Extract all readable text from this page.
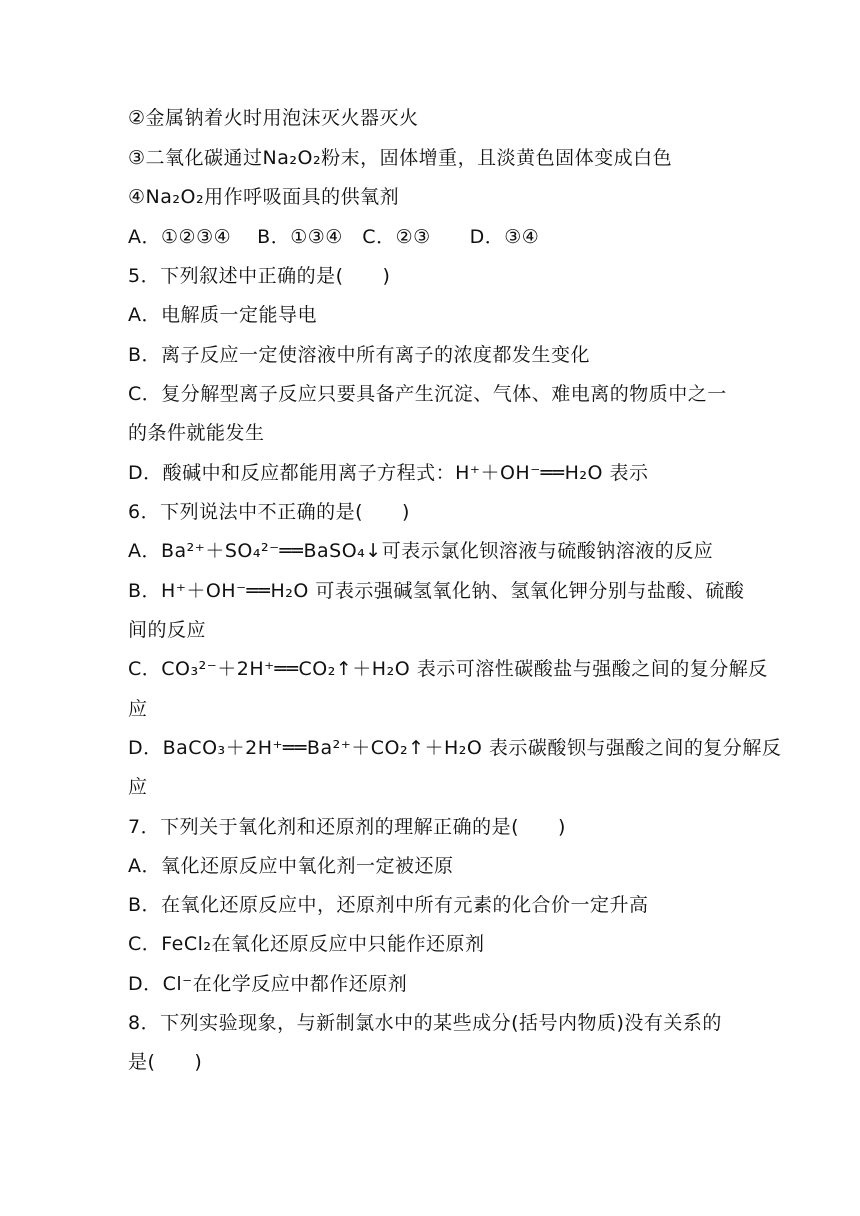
②金属钠着火时用泡沫灭火器灭火
③二氧化碳通过Na₂O₂粉末，固体增重，且淡黄色固体变成白色
④Na₂O₂用作呼吸面具的供氧剂
A．①②③④　 B．①③④　C．②③　　D．③④
5．下列叙述中正确的是(　　)
A．电解质一定能导电
B．离子反应一定使溶液中所有离子的浓度都发生变化
C．复分解型离子反应只要具备产生沉淀、气体、难电离的物质中之一
的条件就能发生
D．酸碱中和反应都能用离子方程式：H⁺＋OH⁻══H₂O 表示
6．下列说法中不正确的是(　　)
A．Ba²⁺＋SO₄²⁻══BaSO₄↓可表示氯化钡溶液与硫酸钠溶液的反应
B．H⁺＋OH⁻══H₂O 可表示强碱氢氧化钠、氢氧化钾分别与盐酸、硫酸
间的反应
C．CO₃²⁻＋2H⁺══CO₂↑＋H₂O 表示可溶性碳酸盐与强酸之间的复分解反
应
D．BaCO₃＋2H⁺══Ba²⁺＋CO₂↑＋H₂O 表示碳酸钡与强酸之间的复分解反
应
7．下列关于氧化剂和还原剂的理解正确的是(　　)
A．氧化还原反应中氧化剂一定被还原
B．在氧化还原反应中，还原剂中所有元素的化合价一定升高
C．FeCl₂在氧化还原反应中只能作还原剂
D．Cl⁻在化学反应中都作还原剂
8．下列实验现象，与新制氯水中的某些成分(括号内物质)没有关系的
是(　　)
